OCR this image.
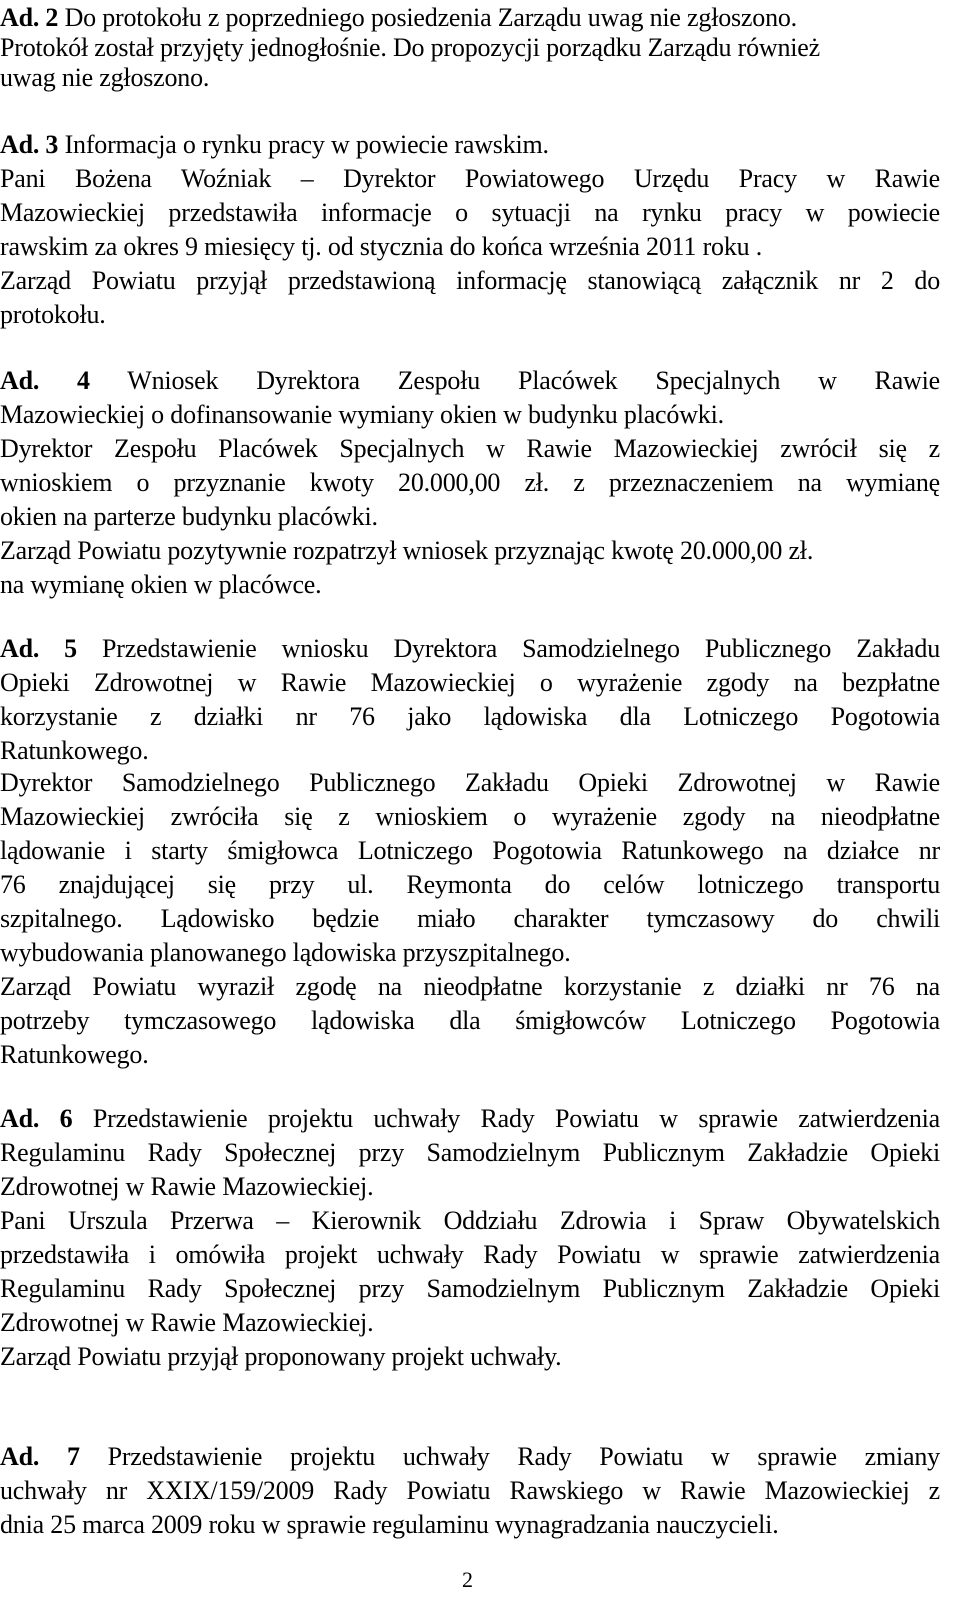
Ad. 2 Do protokołu z poprzedniego posiedzenia Zarządu uwag nie zgłoszono.
Protokół został przyjęty jednogłośnie. Do propozycji porządku Zarządu również
uwag nie zgłoszono.
Ad. 3 Informacja o rynku pracy w powiecie rawskim.
Pani Bożena Woźniak – Dyrektor Powiatowego Urzędu Pracy w Rawie
Mazowieckiej przedstawiła informacje o sytuacji na rynku pracy w powiecie
rawskim za okres 9 miesięcy tj. od stycznia do końca września 2011 roku .
Zarząd Powiatu przyjął przedstawioną informację stanowiącą załącznik nr 2 do
protokołu.
Ad. 4 Wniosek Dyrektora Zespołu Placówek Specjalnych w Rawie
Mazowieckiej o dofinansowanie wymiany okien w budynku placówki.
Dyrektor Zespołu Placówek Specjalnych w Rawie Mazowieckiej zwrócił się z
wnioskiem o przyznanie kwoty 20.000,00 zł. z przeznaczeniem na wymianę
okien na parterze budynku placówki.
Zarząd Powiatu pozytywnie rozpatrzył wniosek przyznając kwotę 20.000,00 zł.
na wymianę okien w placówce.
Ad. 5 Przedstawienie wniosku Dyrektora Samodzielnego Publicznego Zakładu
Opieki Zdrowotnej w Rawie Mazowieckiej o wyrażenie zgody na bezpłatne
korzystanie z działki nr 76 jako lądowiska dla Lotniczego Pogotowia
Ratunkowego.
Dyrektor Samodzielnego Publicznego Zakładu Opieki Zdrowotnej w Rawie
Mazowieckiej zwróciła się z wnioskiem o wyrażenie zgody na nieodpłatne
lądowanie i starty śmigłowca Lotniczego Pogotowia Ratunkowego na działce nr
76 znajdującej się przy ul. Reymonta do celów lotniczego transportu
szpitalnego. Lądowisko będzie miało charakter tymczasowy do chwili
wybudowania planowanego lądowiska przyszpitalnego.
Zarząd Powiatu wyraził zgodę na nieodpłatne korzystanie z działki nr 76 na
potrzeby tymczasowego lądowiska dla śmigłowców Lotniczego Pogotowia
Ratunkowego.
Ad. 6 Przedstawienie projektu uchwały Rady Powiatu w sprawie zatwierdzenia
Regulaminu Rady Społecznej przy Samodzielnym Publicznym Zakładzie Opieki
Zdrowotnej w Rawie Mazowieckiej.
Pani Urszula Przerwa – Kierownik Oddziału Zdrowia i Spraw Obywatelskich
przedstawiła i omówiła projekt uchwały Rady Powiatu w sprawie zatwierdzenia
Regulaminu Rady Społecznej przy Samodzielnym Publicznym Zakładzie Opieki
Zdrowotnej w Rawie Mazowieckiej.
Zarząd Powiatu przyjął proponowany projekt uchwały.
Ad. 7 Przedstawienie projektu uchwały Rady Powiatu w sprawie zmiany
uchwały nr XXIX/159/2009 Rady Powiatu Rawskiego w Rawie Mazowieckiej z
dnia 25 marca 2009 roku w sprawie regulaminu wynagradzania nauczycieli.
2
